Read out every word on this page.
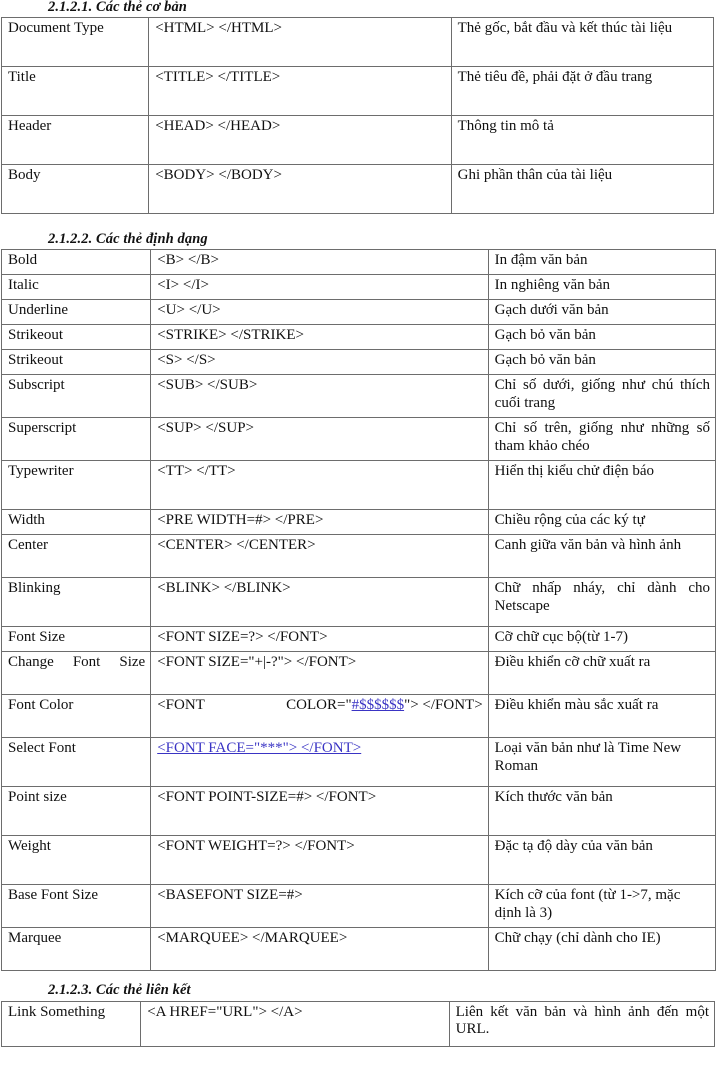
2.1.2.1. Các thẻ cơ bản
Document Type	<HTML> </HTML>	Thẻ gốc, bắt đầu và kết thúc tài liệu
Title	<TITLE> </TITLE>	Thẻ tiêu đề, phải đặt ở đầu trang
Header	<HEAD> </HEAD>	Thông tin mô tả
Body	<BODY> </BODY>	Ghi phần thân của tài liệu
2.1.2.2. Các thẻ định dạng
Bold	<B> </B>	In đậm văn bản
Italic	<I> </I>	In nghiêng văn bản
Underline	<U> </U>	Gạch dưới văn bản
Strikeout	<STRIKE> </STRIKE>	Gạch bỏ văn bản
Strikeout	<S> </S>	Gạch bỏ văn bản
Subscript	<SUB> </SUB>	Chỉ số dưới, giống như chú thích cuối trang
Superscript	<SUP> </SUP>	Chỉ số trên, giống như những số tham khảo chéo
Typewriter	<TT> </TT>	Hiển thị kiểu chử điện báo
Width	<PRE WIDTH=#> </PRE>	Chiều rộng của các ký tự
Center	<CENTER> </CENTER>	Canh giữa văn bản và hình ảnh
Blinking	<BLINK> </BLINK>	Chữ nhấp nháy, chỉ dành cho Netscape
Font Size	<FONT SIZE=?> </FONT>	Cỡ chữ cục bộ(từ 1-7)
Change Font Size	<FONT SIZE="+|-?"> </FONT>	Điều khiển cỡ chữ xuất ra
Font Color	<FONT COLOR="#$$$$$$"> </FONT>	Điều khiển màu sắc xuất ra
Select Font	<FONT FACE="***"> </FONT>	Loại văn bản như là Time New Roman
Point size	<FONT POINT-SIZE=#> </FONT>	Kích thước văn bản
Weight	<FONT WEIGHT=?> </FONT>	Đặc tạ độ dày của văn bản
Base Font Size	<BASEFONT SIZE=#>	Kích cỡ của font (từ 1->7, mặc dịnh là 3)
Marquee	<MARQUEE> </MARQUEE>	Chữ chạy (chỉ dành cho IE)
2.1.2.3. Các thẻ liên kết
Link Something	<A HREF="URL"> </A>	Liên kết văn bản và hình ảnh đến một URL.
